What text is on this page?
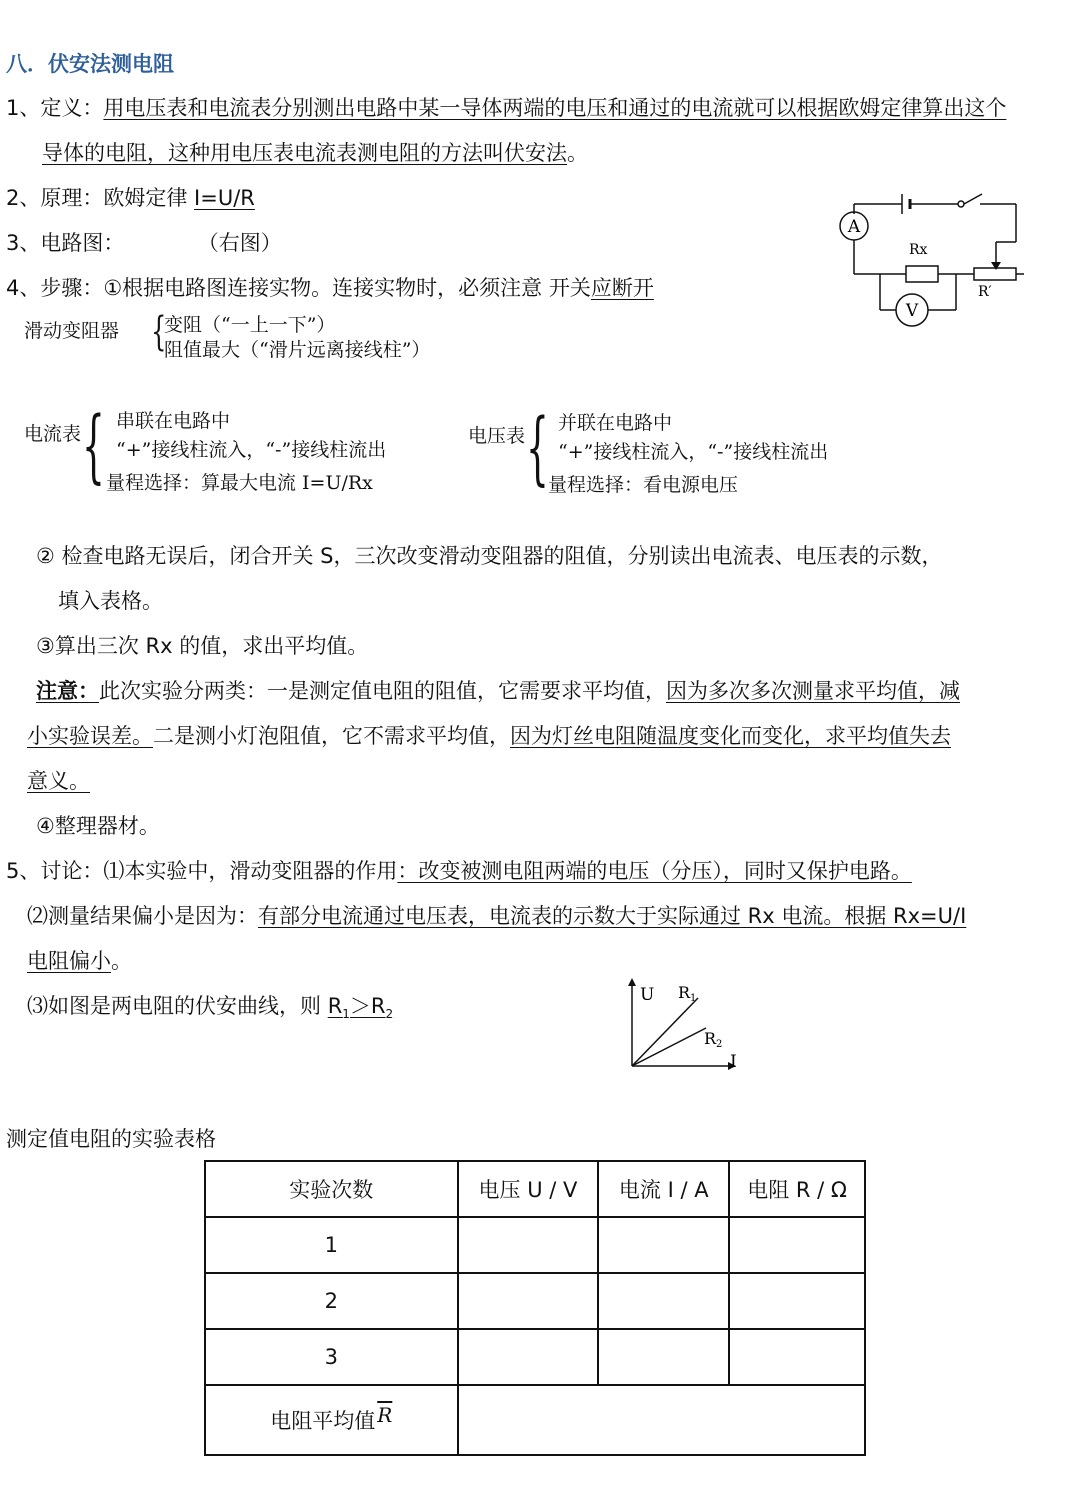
八．伏安法测电阻
1、定义：用电压表和电流表分别测出电路中某一导体两端的电压和通过的电流就可以根据欧姆定律算出这个
导体的电阻，这种用电压表电流表测电阻的方法叫伏安法。
2、原理：欧姆定律 I=U/R
3、电路图：	（右图）
4、步骤：①根据电路图连接实物。连接实物时，必须注意 开关应断开
A
V
Rx
R′
滑动变阻器 {
变阻（“一上一下”）
阻值最大（“滑片远离接线柱”）
电流表 { 串联在电路中
“+”接线柱流入，“-”接线柱流出
量程选择：算最大电流 I=U/Rx
电压表 { 并联在电路中
“+”接线柱流入，“-”接线柱流出
量程选择：看电源电压
② 检查电路无误后，闭合开关 S，三次改变滑动变阻器的阻值，分别读出电流表、电压表的示数，
填入表格。
③算出三次 Rx 的值，求出平均值。
注意：此次实验分两类：一是测定值电阻的阻值，它需要求平均值，因为多次多次测量求平均值，减
小实验误差。二是测小灯泡阻值，它不需求平均值，因为灯丝电阻随温度变化而变化，求平均值失去
意义。
④整理器材。
5、讨论：⑴本实验中，滑动变阻器的作用：改变被测电阻两端的电压（分压），同时又保护电路。
⑵测量结果偏小是因为：有部分电流通过电压表，电流表的示数大于实际通过 Rx 电流。根据 Rx=U/I
电阻偏小。
⑶如图是两电阻的伏安曲线，则 $R_1>R_2$
U
I
R1
R2
测定值电阻的实验表格
实验次数	电压 U / V	电流 I / A	电阻 R / Ω
1			
2			
3			
电阻平均值 $\overline{R}$	
